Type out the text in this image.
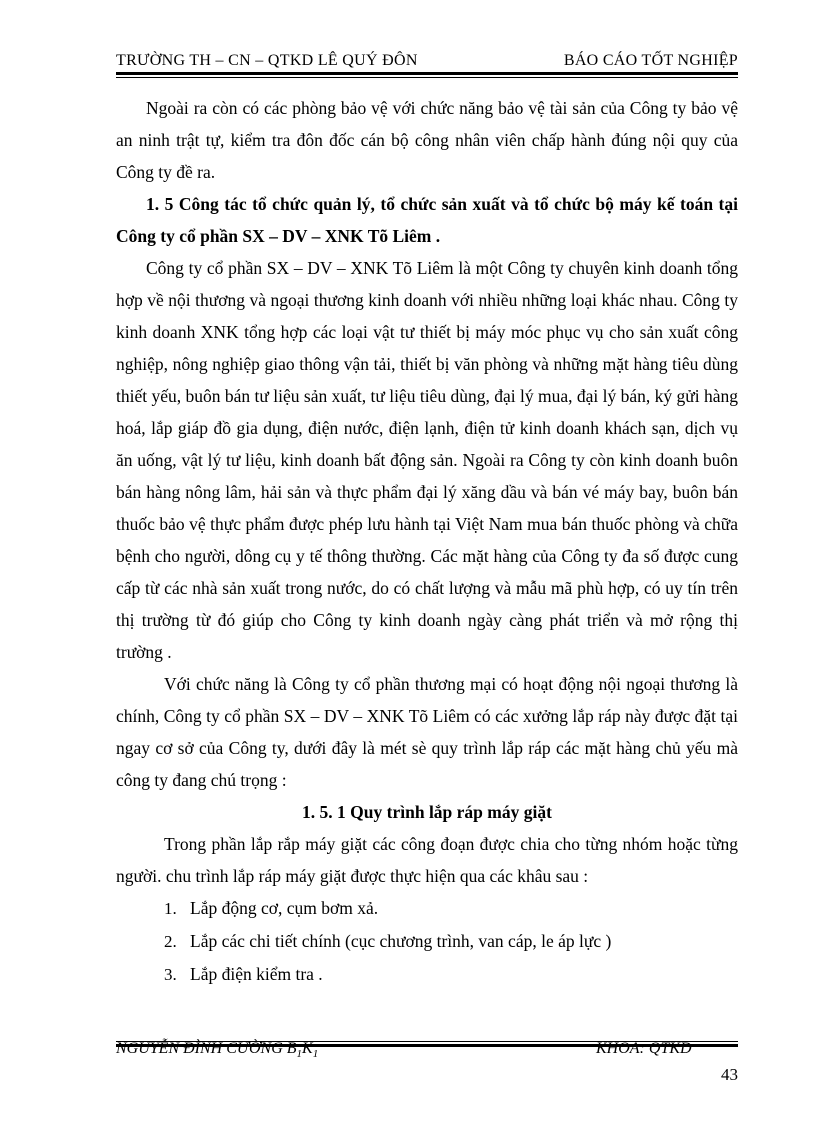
TRƯỜNG TH – CN – QTKD LÊ QUÝ ĐÔN	BÁO CÁO TỐT NGHIỆP

Ngoài ra còn có các phòng bảo vệ với chức năng bảo vệ tài sản của Công ty bảo vệ an ninh trật tự, kiểm tra đôn đốc cán bộ công nhân viên chấp hành đúng nội quy của Công ty đề ra.

1. 5 Công tác tổ chức quản lý, tổ chức sản xuất và tổ chức bộ máy kế toán tại Công ty cổ phần SX – DV – XNK Tõ Liêm .

Công ty cổ phần SX – DV – XNK Tõ Liêm là một Công ty chuyên kinh doanh tổng hợp về nội thương và ngoại thương kinh doanh với nhiều những loại khác nhau. Công ty kinh doanh XNK tổng hợp các loại vật tư thiết bị máy móc phục vụ cho sản xuất công nghiệp, nông nghiệp giao thông vận tải, thiết bị văn phòng và những mặt hàng tiêu dùng thiết yếu, buôn bán tư liệu sản xuất, tư liệu tiêu dùng, đại lý mua, đại lý bán, ký gửi hàng hoá, lắp giáp đồ gia dụng, điện nước, điện lạnh, điện tử kinh doanh khách sạn, dịch vụ ăn uống, vật lý tư liệu, kinh doanh bất động sản. Ngoài ra Công ty còn kinh doanh buôn bán hàng nông lâm, hải sản và thực phẩm đại lý xăng dầu và bán vé máy bay, buôn bán thuốc bảo vệ thực phẩm được phép lưu hành tại Việt Nam mua bán thuốc phòng và chữa bệnh cho người, dông cụ y tế thông thường. Các mặt hàng của Công ty đa số được cung cấp từ các nhà sản xuất trong nước, do có chất lượng và mẫu mã phù hợp, có uy tín trên thị trường từ đó giúp cho Công ty kinh doanh ngày càng phát triển và mở rộng thị trường .

Với chức năng là Công ty cổ phần thương mại có hoạt động nội ngoại thương là chính, Công ty cổ phần SX – DV – XNK Tõ Liêm có các xưởng lắp ráp này được đặt tại ngay cơ sở của Công ty, dưới đây là mét sè quy trình lắp ráp các mặt hàng chủ yếu mà công ty đang chú trọng :

1. 5. 1 Quy trình lắp ráp máy giặt

Trong phần lắp rắp máy giặt các công đoạn được chia cho từng nhóm hoặc từng người. chu trình lắp ráp máy giặt được thực hiện qua các khâu sau :

1. Lắp động cơ, cụm bơm xả.
2. Lắp các chi tiết chính (cục chương trình, van cáp, le áp lực )
3. Lắp điện kiểm tra .
NGUYỄN ĐÌNH CƯỜNG $B_1K_1$	KHOA: QTKD
43
